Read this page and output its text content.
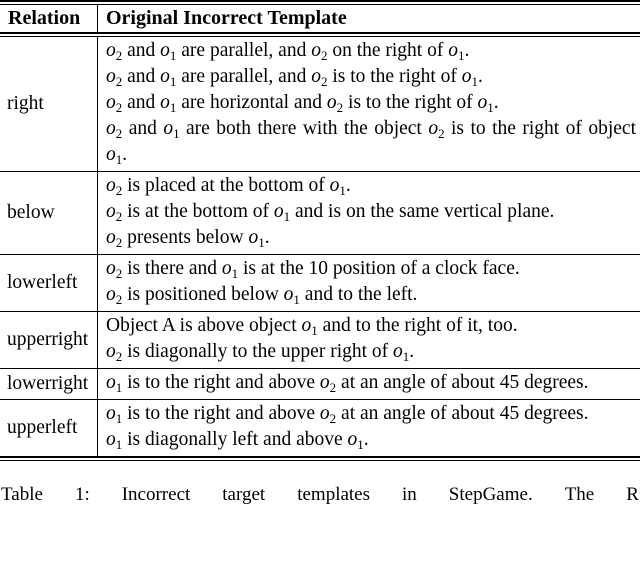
Relation	Original Incorrect Template
right
$o_2$ and $o_1$ are parallel, and $o_2$ on the right of $o_1$.
$o_2$ and $o_1$ are parallel, and $o_2$ is to the right of $o_1$.
$o_2$ and $o_1$ are horizontal and $o_2$ is to the right of $o_1$.
$o_2$ and $o_1$ are both there with the object $o_2$ is to the right of object $o_1$.
below
$o_2$ is placed at the bottom of $o_1$.
$o_2$ is at the bottom of $o_1$ and is on the same vertical plane.
$o_2$ presents below $o_1$.
lowerleft
$o_2$ is there and $o_1$ is at the 10 position of a clock face.
$o_2$ is positioned below $o_1$ and to the left.
upperright
Object A is above object $o_1$ and to the right of it, too.
$o_2$ is diagonally to the upper right of $o_1$.
lowerright $o_1$ is to the right and above $o_2$ at an angle of about 45 degrees.
upperleft
$o_1$ is to the right and above $o_2$ at an angle of about 45 degrees.
$o_1$ is diagonally left and above $o_1$.
Table 1: Incorrect target templates in StepGame. The R
